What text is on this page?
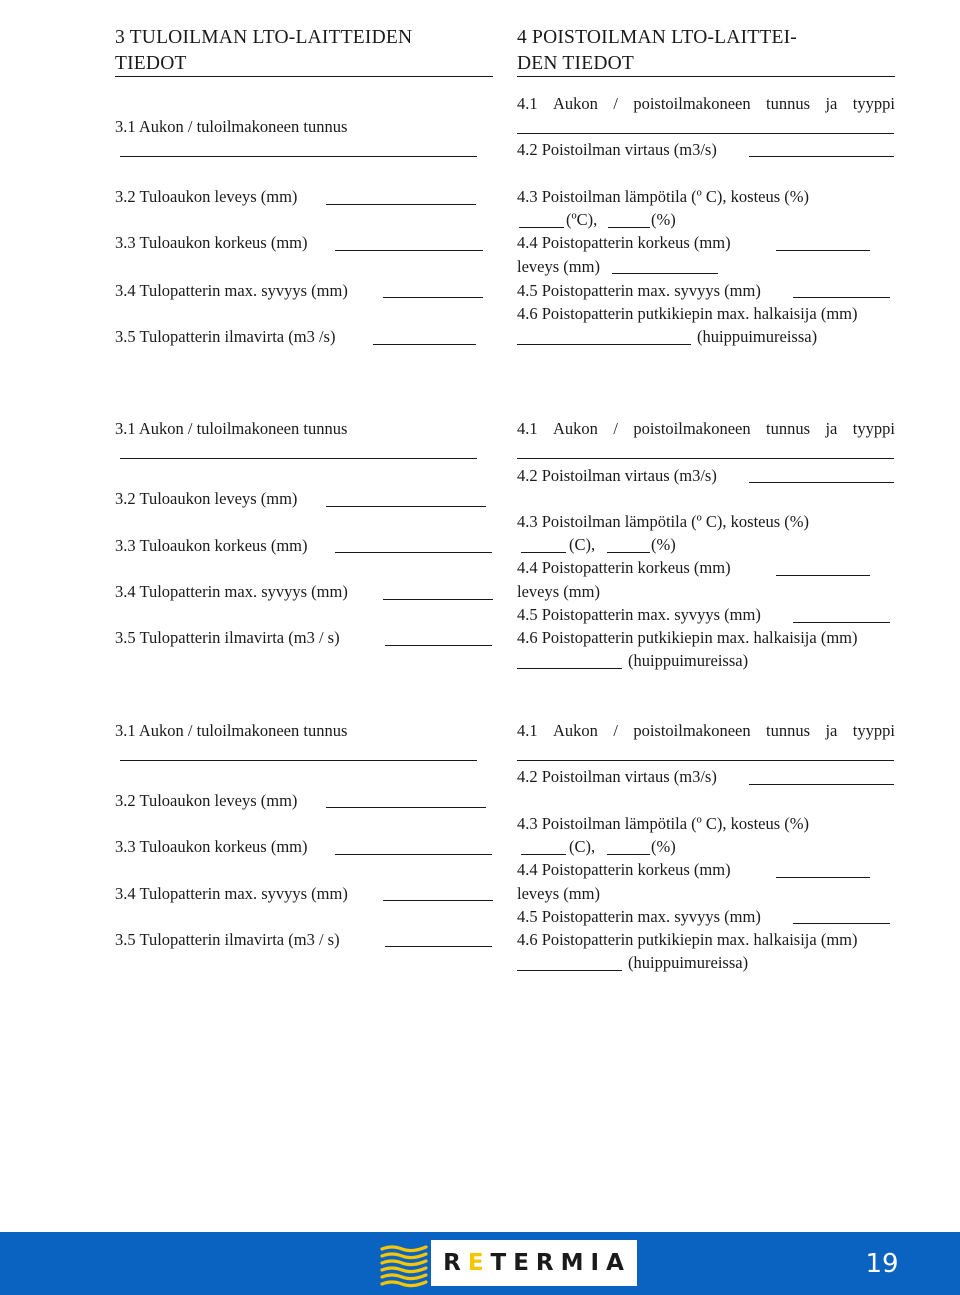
3 TULOILMAN LTO-LAITTEIDEN
TIEDOT
4 POISTOILMAN LTO-LAITTEI-
DEN TIEDOT
3.1 Aukon / tuloilmakoneen tunnus
3.2 Tuloaukon leveys (mm)
3.3 Tuloaukon korkeus (mm)
3.4 Tulopatterin max. syvyys (mm)
3.5 Tulopatterin ilmavirta (m3 /s)
4.1 Aukon / poistoilmakoneen tunnus ja tyyppi
4.2 Poistoilman virtaus (m3/s)
4.3 Poistoilman lämpötila (º C), kosteus (%)
(ºC),	(%)
4.4 Poistopatterin korkeus (mm)
leveys (mm)
4.5 Poistopatterin max. syvyys (mm)
4.6 Poistopatterin putkikiepin max. halkaisija (mm)
(huippuimureissa)
3.1 Aukon / tuloilmakoneen tunnus
3.2 Tuloaukon leveys (mm)
3.3 Tuloaukon korkeus (mm)
3.4 Tulopatterin max. syvyys (mm)
3.5 Tulopatterin ilmavirta (m3 / s)
4.1 Aukon / poistoilmakoneen tunnus ja tyyppi
4.2 Poistoilman virtaus (m3/s)
4.3 Poistoilman lämpötila (º C), kosteus (%)
(C),	(%)
4.4 Poistopatterin korkeus (mm)
leveys (mm)
4.5 Poistopatterin max. syvyys (mm)
4.6 Poistopatterin putkikiepin max. halkaisija (mm)
(huippuimureissa)
3.1 Aukon / tuloilmakoneen tunnus
3.2 Tuloaukon leveys (mm)
3.3 Tuloaukon korkeus (mm)
3.4 Tulopatterin max. syvyys (mm)
3.5 Tulopatterin ilmavirta (m3 / s)
4.1 Aukon / poistoilmakoneen tunnus ja tyyppi
4.2 Poistoilman virtaus (m3/s)
4.3 Poistoilman lämpötila (º C), kosteus (%)
(C),	(%)
4.4 Poistopatterin korkeus (mm)
leveys (mm)
4.5 Poistopatterin max. syvyys (mm)
4.6 Poistopatterin putkikiepin max. halkaisija (mm)
(huippuimureissa)
RETERMIA	19
